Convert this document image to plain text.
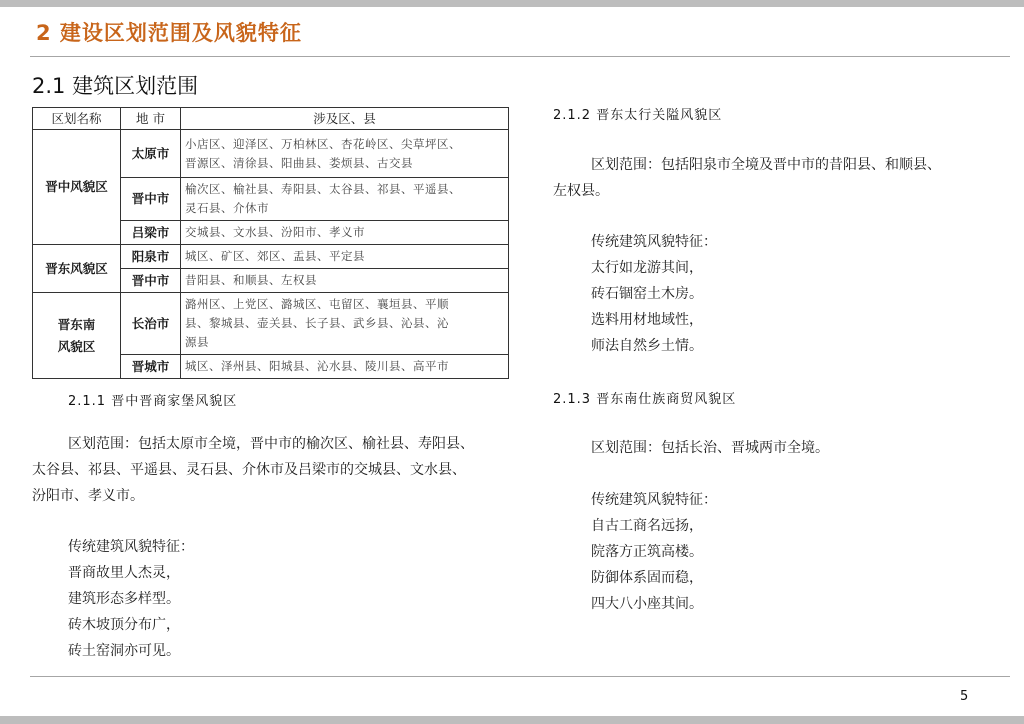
2 建设区划范围及风貌特征
2.1 建筑区划范围
区划名称	地 市	涉及区、县

晋中风貌区	太原市	小店区、迎泽区、万柏林区、杏花岭区、尖草坪区、
晋源区、清徐县、阳曲县、娄烦县、古交县

	晋中市	榆次区、榆社县、寿阳县、太谷县、祁县、平遥县、
灵石县、介休市

	吕梁市	交城县、文水县、汾阳市、孝义市

晋东风貌区	阳泉市	城区、矿区、郊区、盂县、平定县

	晋中市	昔阳县、和顺县、左权县

晋东南
风貌区	长治市	潞州区、上党区、潞城区、屯留区、襄垣县、平顺
县、黎城县、壶关县、长子县、武乡县、沁县、沁
源县

	晋城市	城区、泽州县、阳城县、沁水县、陵川县、高平市
2.1.1 晋中晋商家堡风貌区
区划范围：包括太原市全境，晋中市的榆次区、榆社县、寿阳县、
太谷县、祁县、平遥县、灵石县、介休市及吕梁市的交城县、文水县、
汾阳市、孝义市。
传统建筑风貌特征：
晋商故里人杰灵，
建筑形态多样型。
砖木坡顶分布广，
砖土窑洞亦可见。
2.1.2 晋东太行关隘风貌区
区划范围：包括阳泉市全境及晋中市的昔阳县、和顺县、
左权县。
传统建筑风貌特征：
太行如龙游其间，
砖石锢窑土木房。
选料用材地域性，
师法自然乡土情。
2.1.3 晋东南仕族商贸风貌区
区划范围：包括长治、晋城两市全境。
传统建筑风貌特征：
自古工商名远扬，
院落方正筑高楼。
防御体系固而稳，
四大八小座其间。
5
